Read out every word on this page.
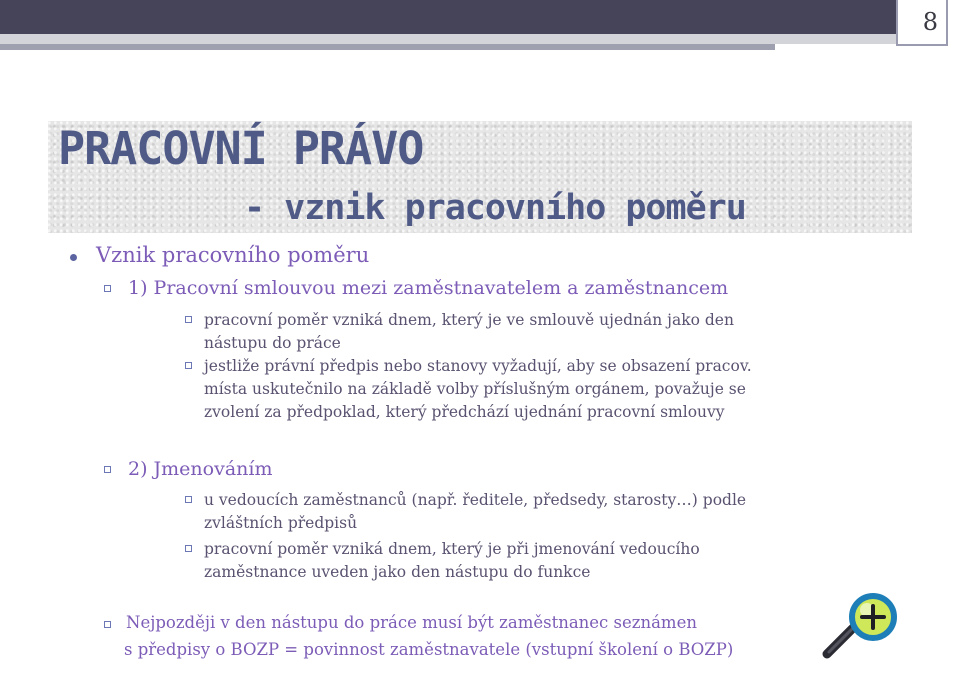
8
PRACOVNÍ PRÁVO
- vznik pracovního poměru
Vznik pracovního poměru
1) Pracovní smlouvou mezi zaměstnavatelem a zaměstnancem
pracovní poměr vzniká dnem, který je ve smlouvě ujednán jako den
nástupu do práce
jestliže právní předpis nebo stanovy vyžadují, aby se obsazení pracov.
místa uskutečnilo na základě volby příslušným orgánem, považuje se
zvolení za předpoklad, který předchází ujednání pracovní smlouvy
2) Jmenováním
u vedoucích zaměstnanců (např. ředitele, předsedy, starosty…) podle
zvláštních předpisů
pracovní poměr vzniká dnem, který je při jmenování vedoucího
zaměstnance uveden jako den nástupu do funkce
Nejpozději v den nástupu do práce musí být zaměstnanec seznámen
s předpisy o BOZP = povinnost zaměstnavatele (vstupní školení o BOZP)
